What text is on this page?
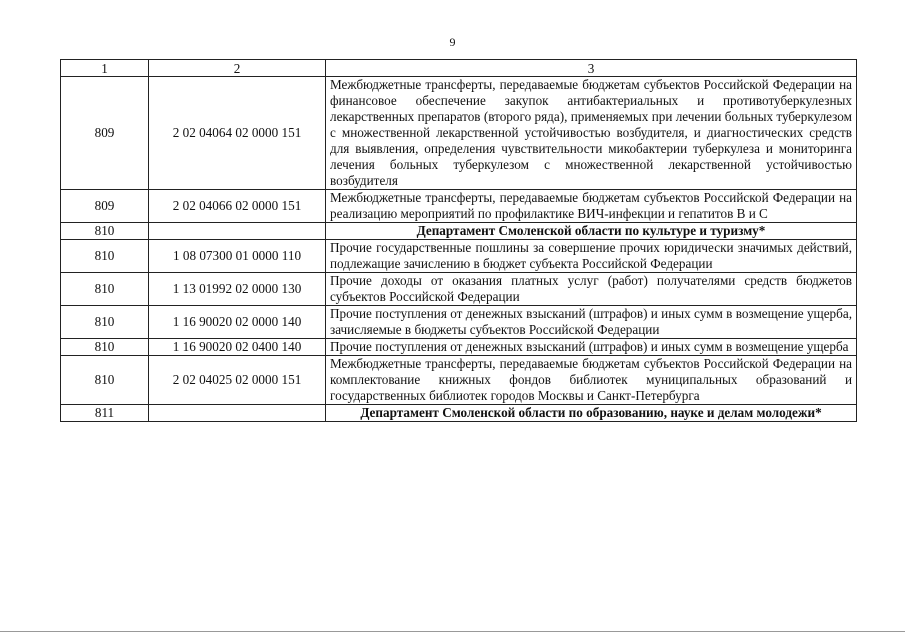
9
1	2	3
809	2 02 04064 02 0000 151	Межбюджетные трансферты, передаваемые бюджетам субъектов Российской Федерации на финансовое обеспечение закупок антибактериальных и противотуберкулезных лекарственных препаратов (второго ряда), применяемых при лечении больных туберкулезом с множественной лекарственной устойчивостью возбудителя, и диагностических средств для выявления, определения чувствительности микобактерии туберкулеза и мониторинга лечения больных туберкулезом с множественной лекарственной устойчивостью возбудителя
809	2 02 04066 02 0000 151	Межбюджетные трансферты, передаваемые бюджетам субъектов Российской Федерации на реализацию мероприятий по профилактике ВИЧ-инфекции и гепатитов B и C
810		Департамент Смоленской области по культуре и туризму*
810	1 08 07300 01 0000 110	Прочие государственные пошлины за совершение прочих юридически значимых действий, подлежащие зачислению в бюджет субъекта Российской Федерации
810	1 13 01992 02 0000 130	Прочие доходы от оказания платных услуг (работ) получателями средств бюджетов субъектов Российской Федерации
810	1 16 90020 02 0000 140	Прочие поступления от денежных взысканий (штрафов) и иных сумм в возмещение ущерба, зачисляемые в бюджеты субъектов Российской Федерации
810	1 16 90020 02 0400 140	Прочие поступления от денежных взысканий (штрафов) и иных сумм в возмещение ущерба
810	2 02 04025 02 0000 151	Межбюджетные трансферты, передаваемые бюджетам субъектов Российской Федерации на комплектование книжных фондов библиотек муниципальных образований и государственных библиотек городов Москвы и Санкт-Петербурга
811		Департамент Смоленской области по образованию, науке и делам молодежи*
